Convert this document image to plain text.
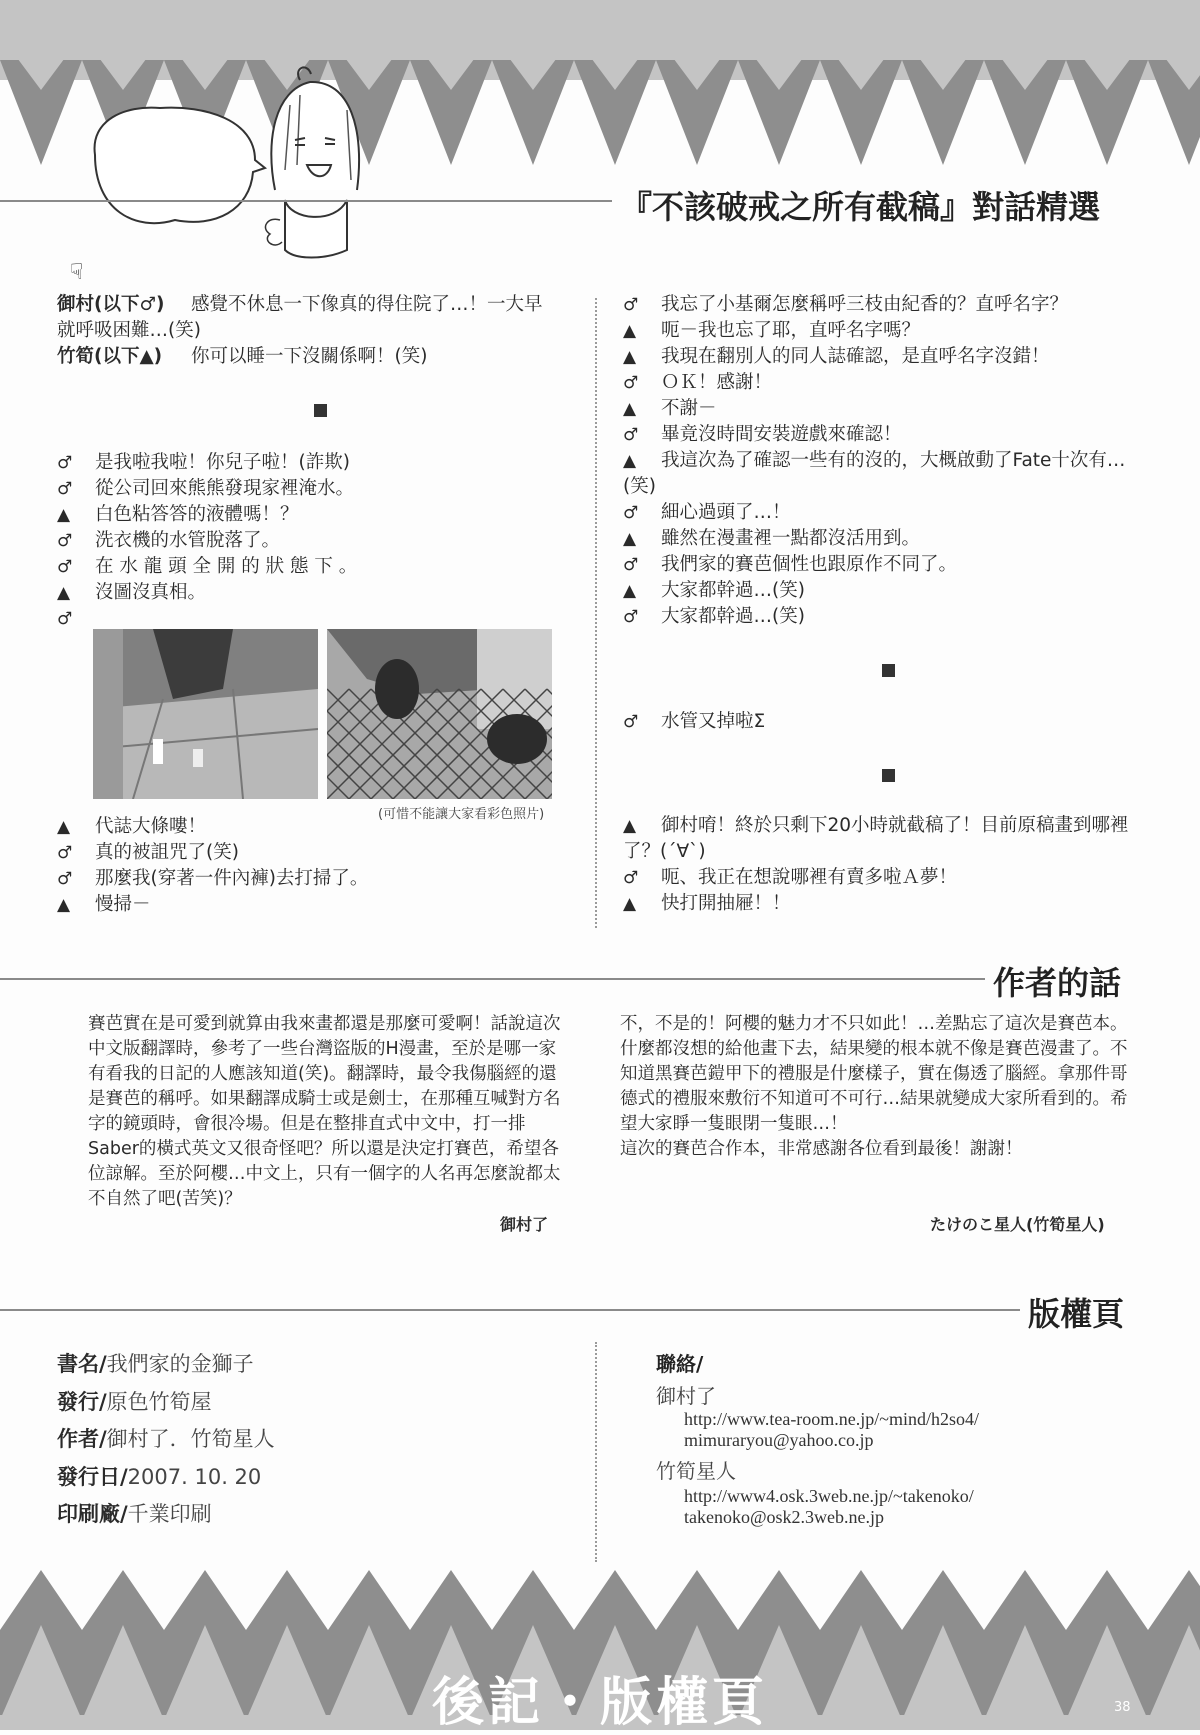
『不該破戒之所有截稿』對話精選
☟

御村(以下♂) 感覺不休息一下像真的得住院了…！一大早就呼吸困難…(笑)

竹筍(以下▲) 你可以睡一下沒關係啊！(笑)

♂ 是我啦我啦！你兒子啦！(詐欺)

♂ 從公司回來熊熊發現家裡淹水。

▲ 白色粘答答的液體嗎！？

♂ 洗衣機的水管脫落了。

♂ 在 水 龍 頭 全 開 的 狀 態 下 。

▲ 沒圖沒真相。

♂

(可惜不能讓大家看彩色照片)

▲ 代誌大條嘍！

♂ 真的被詛咒了(笑)

♂ 那麼我(穿著一件內褲)去打掃了。

▲ 慢掃－

♂ 我忘了小基爾怎麼稱呼三枝由紀香的？直呼名字？

▲ 呃－我也忘了耶，直呼名字嗎？

▲ 我現在翻別人的同人誌確認，是直呼名字沒錯！

♂ ＯＫ！感謝！

▲ 不謝－

♂ 畢竟沒時間安裝遊戲來確認！

▲ 我這次為了確認一些有的沒的，大概啟動了Fate十次有…(笑)

♂ 細心過頭了…！

▲ 雖然在漫畫裡一點都沒活用到。

♂ 我們家的賽芭個性也跟原作不同了。

▲ 大家都幹過…(笑)

♂ 大家都幹過…(笑)

♂ 水管又掉啦Σ

▲ 御村唷！終於只剩下20小時就截稿了！目前原稿畫到哪裡了？(´∀`)

♂ 呃、我正在想說哪裡有賣多啦Ａ夢！

▲ 快打開抽屜！！

作者的話
賽芭實在是可愛到就算由我來畫都還是那麼可愛啊！話說這次中文版翻譯時，參考了一些台灣盜版的H漫畫，至於是哪一家有看我的日記的人應該知道(笑)。翻譯時，最令我傷腦經的還是賽芭的稱呼。如果翻譯成騎士或是劍士，在那種互喊對方名字的鏡頭時，會很冷場。但是在整排直式中文中，打一排 Saber的橫式英文又很奇怪吧？所以還是決定打賽芭，希望各位諒解。至於阿櫻…中文上，只有一個字的人名再怎麼說都太不自然了吧(苦笑)？
御村了
不，不是的！阿櫻的魅力才不只如此！…差點忘了這次是賽芭本。什麼都沒想的給他畫下去，結果變的根本就不像是賽芭漫畫了。不知道黑賽芭鎧甲下的禮服是什麼樣子，實在傷透了腦經。拿那件哥德式的禮服來敷衍不知道可不可行…結果就變成大家所看到的。希望大家睜一隻眼閉一隻眼…！
這次的賽芭合作本，非常感謝各位看到最後！謝謝！
たけのこ星人(竹筍星人)
版權頁
書名/我們家的金獅子
發行/原色竹筍屋
作者/御村了．竹筍星人
發行日/2007. 10. 20
印刷廠/千業印刷
聯絡/
御村了
http://www.tea-room.ne.jp/~mind/h2so4/
mimuraryou@yahoo.co.jp
竹筍星人
http://www4.osk.3web.ne.jp/~takenoko/
takenoko@osk2.3web.ne.jp
後記・版權頁	38
